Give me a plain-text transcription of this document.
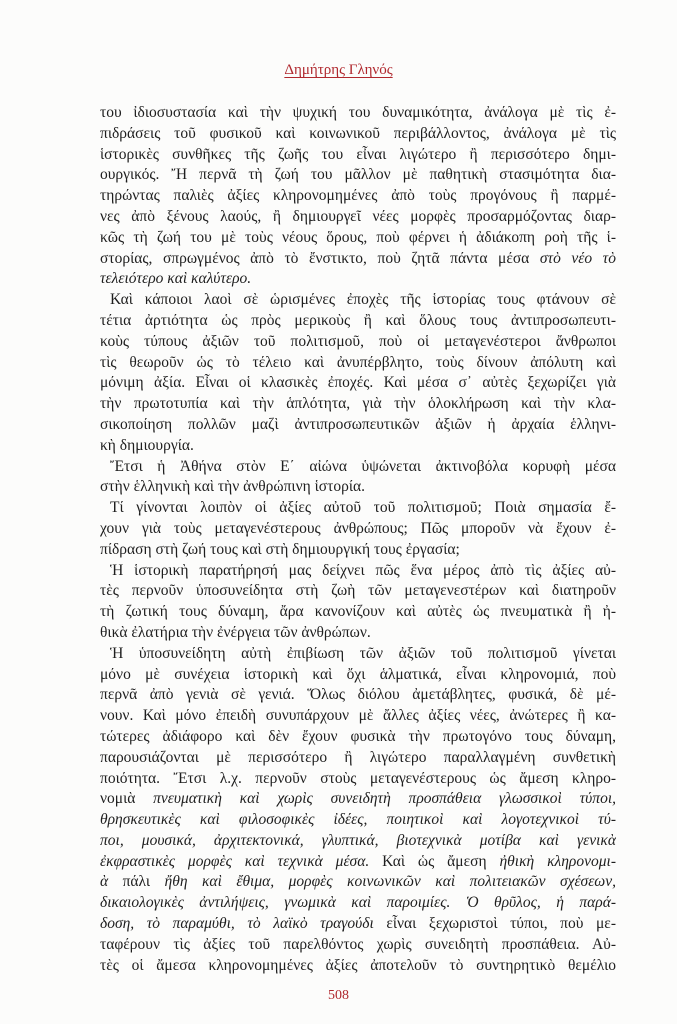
Δημήτρης Γληνός
του ἰδιοσυστασία καὶ τὴν ψυχική του δυναμικότητα, ἀνάλογα μὲ τὶς ἐ-
πιδράσεις τοῦ φυσικοῦ καὶ κοινωνικοῦ περιβάλλοντος, ἀνάλογα μὲ τὶς
ἱστορικὲς συνθῆκες τῆς ζωῆς του εἶναι λιγώτερο ἢ περισσότερο δημι-
ουργικός. Ἤ περνᾶ τὴ ζωή του μᾶλλον μὲ παθητικὴ στασιμότητα δια-
τηρώντας παλιὲς ἀξίες κληρονομημένες ἀπὸ τοὺς προγόνους ἢ παρμέ-
νες ἀπὸ ξένους λαούς, ἢ δημιουργεῖ νέες μορφὲς προσαρμόζοντας διαρ-
κῶς τὴ ζωή του μὲ τοὺς νέους ὅρους, ποὺ φέρνει ἡ ἀδιάκοπη ροὴ τῆς ἱ-
στορίας, σπρωγμένος ἀπὸ τὸ ἔνστικτο, ποὺ ζητᾶ πάντα μέσα στὸ νέο τὸ
τελειότερο καὶ καλύτερο.
Καὶ κάποιοι λαοὶ σὲ ὡρισμένες ἐποχὲς τῆς ἱστορίας τους φτάνουν σὲ
τέτια ἀρτιότητα ὡς πρὸς μερικοὺς ἢ καὶ ὅλους τους ἀντιπροσωπευτι-
κοὺς τύπους ἀξιῶν τοῦ πολιτισμοῦ, ποὺ οἱ μεταγενέστεροι ἄνθρωποι
τὶς θεωροῦν ὡς τὸ τέλειο καὶ ἀνυπέρβλητο, τοὺς δίνουν ἀπόλυτη καὶ
μόνιμη ἀξία. Εἶναι οἱ κλασικὲς ἐποχές. Καὶ μέσα σ᾿ αὐτὲς ξεχωρίζει γιὰ
τὴν πρωτοτυπία καὶ τὴν ἁπλότητα, γιὰ τὴν ὁλοκλήρωση καὶ τὴν κλα-
σικοποίηση πολλῶν μαζὶ ἀντιπροσωπευτικῶν ἀξιῶν ἡ ἀρχαία ἑλληνι-
κὴ δημιουργία.
Ἔτσι ἡ Ἀθήνα στὸν Ε΄ αἰώνα ὑψώνεται ἀκτινοβόλα κορυφὴ μέσα
στὴν ἑλληνικὴ καὶ τὴν ἀνθρώπινη ἱστορία.
Τί γίνονται λοιπὸν οἱ ἀξίες αὐτοῦ τοῦ πολιτισμοῦ; Ποιὰ σημασία ἔ-
χουν γιὰ τοὺς μεταγενέστερους ἀνθρώπους; Πῶς μποροῦν νὰ ἔχουν ἐ-
πίδραση στὴ ζωή τους καὶ στὴ δημιουργική τους ἐργασία;
Ἡ ἱστορικὴ παρατήρησή μας δείχνει πῶς ἕνα μέρος ἀπὸ τὶς ἀξίες αὐ-
τὲς περνοῦν ὑποσυνείδητα στὴ ζωὴ τῶν μεταγενεστέρων καὶ διατηροῦν
τὴ ζωτική τους δύναμη, ἄρα κανονίζουν καὶ αὐτὲς ὡς πνευματικὰ ἢ ἠ-
θικὰ ἐλατήρια τὴν ἐνέργεια τῶν ἀνθρώπων.
Ἡ ὑποσυνείδητη αὐτὴ ἐπιβίωση τῶν ἀξιῶν τοῦ πολιτισμοῦ γίνεται
μόνο μὲ συνέχεια ἱστορικὴ καὶ ὄχι ἁλματικά, εἶναι κληρονομιά, ποὺ
περνᾶ ἀπὸ γενιὰ σὲ γενιά. Ὅλως διόλου ἀμετάβλητες, φυσικά, δὲ μέ-
νουν. Καὶ μόνο ἐπειδὴ συνυπάρχουν μὲ ἄλλες ἀξίες νέες, ἀνώτερες ἢ κα-
τώτερες ἀδιάφορο καὶ δὲν ἔχουν φυσικὰ τὴν πρωτογόνο τους δύναμη,
παρουσιάζονται μὲ περισσότερο ἢ λιγώτερο παραλλαγμένη συνθετικὴ
ποιότητα. Ἔτσι λ.χ. περνοῦν στοὺς μεταγενέστερους ὡς ἄμεση κληρο-
νομιὰ πνευματικὴ καὶ χωρὶς συνειδητὴ προσπάθεια γλωσσικοὶ τύποι,
θρησκευτικὲς καὶ φιλοσοφικὲς ἰδέες, ποιητικοὶ καὶ λογοτεχνικοὶ τύ-
ποι, μουσικά, ἀρχιτεκτονικά, γλυπτικά, βιοτεχνικὰ μοτίβα καὶ γενικὰ
ἐκφραστικὲς μορφὲς καὶ τεχνικὰ μέσα. Καὶ ὡς ἄμεση ἠθικὴ κληρονομι-
ὰ πάλι ἤθη καὶ ἔθιμα, μορφὲς κοινωνικῶν καὶ πολιτειακῶν σχέσεων,
δικαιολογικὲς ἀντιλήψεις, γνωμικὰ καὶ παροιμίες. Ὁ θρῦλος, ἡ παρά-
δοση, τὸ παραμύθι, τὸ λαϊκὸ τραγούδι εἶναι ξεχωριστοὶ τύποι, ποὺ με-
ταφέρουν τὶς ἀξίες τοῦ παρελθόντος χωρὶς συνειδητὴ προσπάθεια. Αὐ-
τὲς οἱ ἄμεσα κληρονομημένες ἀξίες ἀποτελοῦν τὸ συντηρητικὸ θεμέλιο
508
